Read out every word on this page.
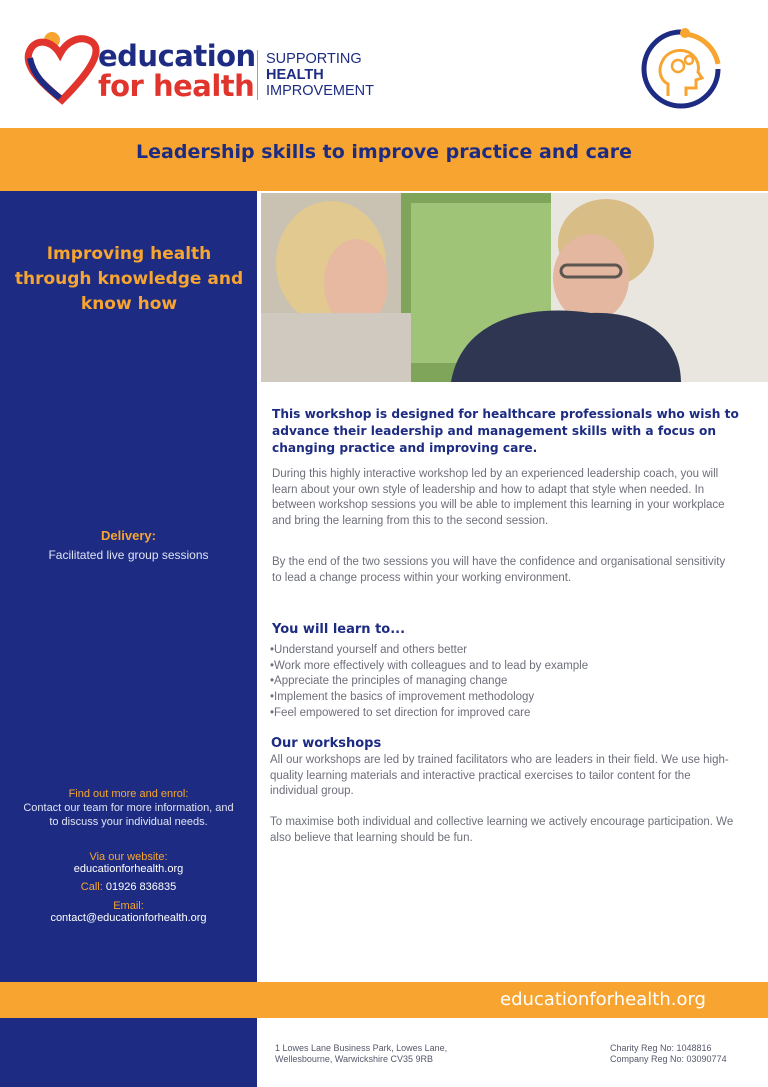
education
for health
SUPPORTING
HEALTH
IMPROVEMENT
Leadership skills to improve practice and care
Improving health through knowledge and know how
Delivery:
Facilitated live group sessions
Find out more and enrol:
Contact our team for more information, and to discuss your individual needs.
Via our website:
educationforhealth.org
Call: 01926 836835
Email:
contact@educationforhealth.org
This workshop is designed for healthcare professionals who wish to advance their leadership and management skills with a focus on changing practice and improving care.
During this highly interactive workshop led by an experienced leadership coach, you will learn about your own style of leadership and how to adapt that style when needed. In between workshop sessions you will be able to implement this learning in your workplace and bring the learning from this to the second session.
By the end of the two sessions you will have the confidence and organisational sensitivity to lead a change process within your working environment.
You will learn to...
•Understand yourself and others better
•Work more effectively with colleagues and to lead by example
•Appreciate the principles of managing change
•Implement the basics of improvement methodology
•Feel empowered to set direction for improved care
Our workshops
All our workshops are led by trained facilitators who are leaders in their field. We use high-quality learning materials and interactive practical exercises to tailor content for the individual group.
To maximise both individual and collective learning we actively encourage participation. We also believe that learning should be fun.
educationforhealth.org
1 Lowes Lane Business Park, Lowes Lane,
Wellesbourne, Warwickshire CV35 9RB
Charity Reg No: 1048816
Company Reg No: 03090774
